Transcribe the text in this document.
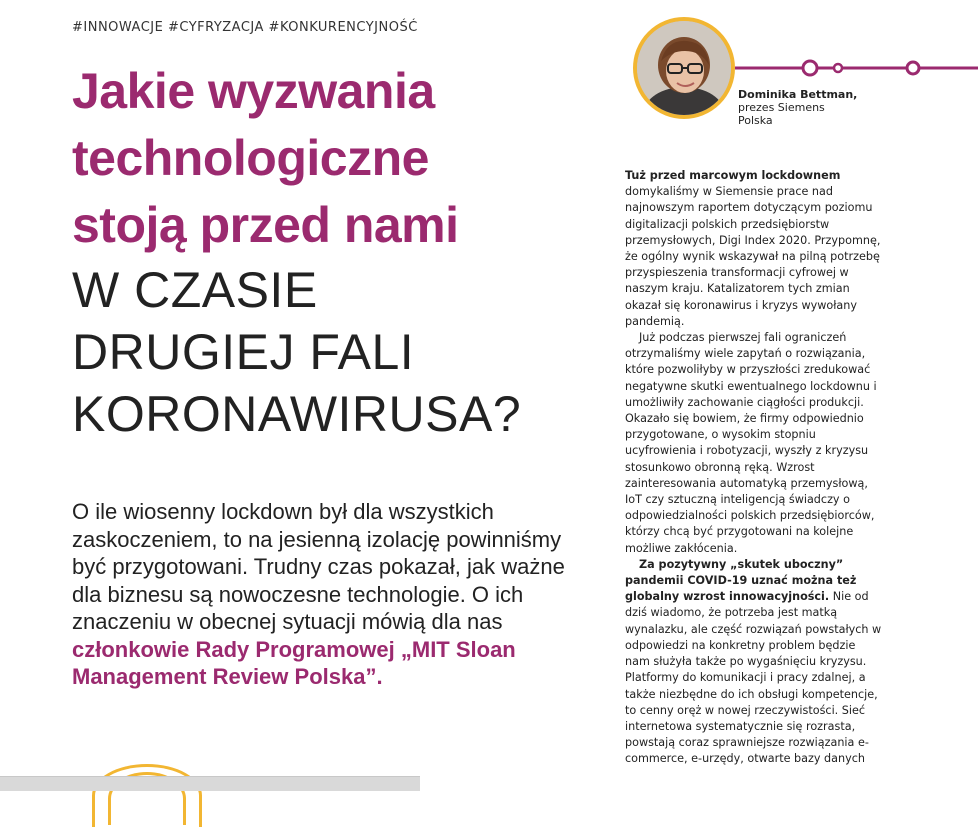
#INNOWACJE #CYFRYZACJA #KONKURENCYJNOŚĆ
Jakie wyzwania
technologiczne
stoją przed nami
W CZASIE
DRUGIEJ FALI
KORONAWIRUSA?
O ile wiosenny lockdown był dla wszystkich zaskoczeniem, to na jesienną izolację powinniśmy być przygotowani. Trudny czas pokazał, jak ważne dla biznesu są nowoczesne technologie. O ich znaczeniu w obecnej sytuacji mówią dla nas członkowie Rady Programowej „MIT Sloan Management Review Polska”.
Dominika Bettman,
prezes Siemens
Polska

Tuż przed marcowym lockdownem
domykaliśmy w Siemensie prace nad najnowszym raportem dotyczącym poziomu digitalizacji polskich przedsiębiorstw przemysłowych, Digi Index 2020. Przypomnę, że ogólny wynik wskazywał na pilną potrzebę przyspieszenia transformacji cyfrowej w naszym kraju. Katalizatorem tych zmian okazał się koronawirus i kryzys wywołany pandemią.

Już podczas pierwszej fali ograniczeń otrzymaliśmy wiele zapytań o rozwiązania, które pozwoliłyby w przyszłości zredukować negatywne skutki ewentualnego lockdownu i umożliwiły zachowanie ciągłości produkcji. Okazało się bowiem, że firmy odpowiednio przygotowane, o wysokim stopniu ucyfrowienia i robotyzacji, wyszły z kryzysu stosunkowo obronną ręką. Wzrost zainteresowania automatyką przemysłową, IoT czy sztuczną inteligencją świadczy o odpowiedzialności polskich przedsiębiorców, którzy chcą być przygotowani na kolejne możliwe zakłócenia.

Za pozytywny „skutek uboczny” pandemii COVID-19 uznać można też globalny wzrost innowacyjności. Nie od dziś wiadomo, że potrzeba jest matką wynalazku, ale część rozwiązań powstałych w odpowiedzi na konkretny problem będzie nam służyła także po wygaśnięciu kryzysu. Platformy do komunikacji i pracy zdalnej, a także niezbędne do ich obsługi kompetencje, to cenny oręż w nowej rzeczywistości. Sieć internetowa systematycznie się rozrasta, powstają coraz sprawniejsze rozwiązania e-commerce, e-urzędy, otwarte bazy danych
